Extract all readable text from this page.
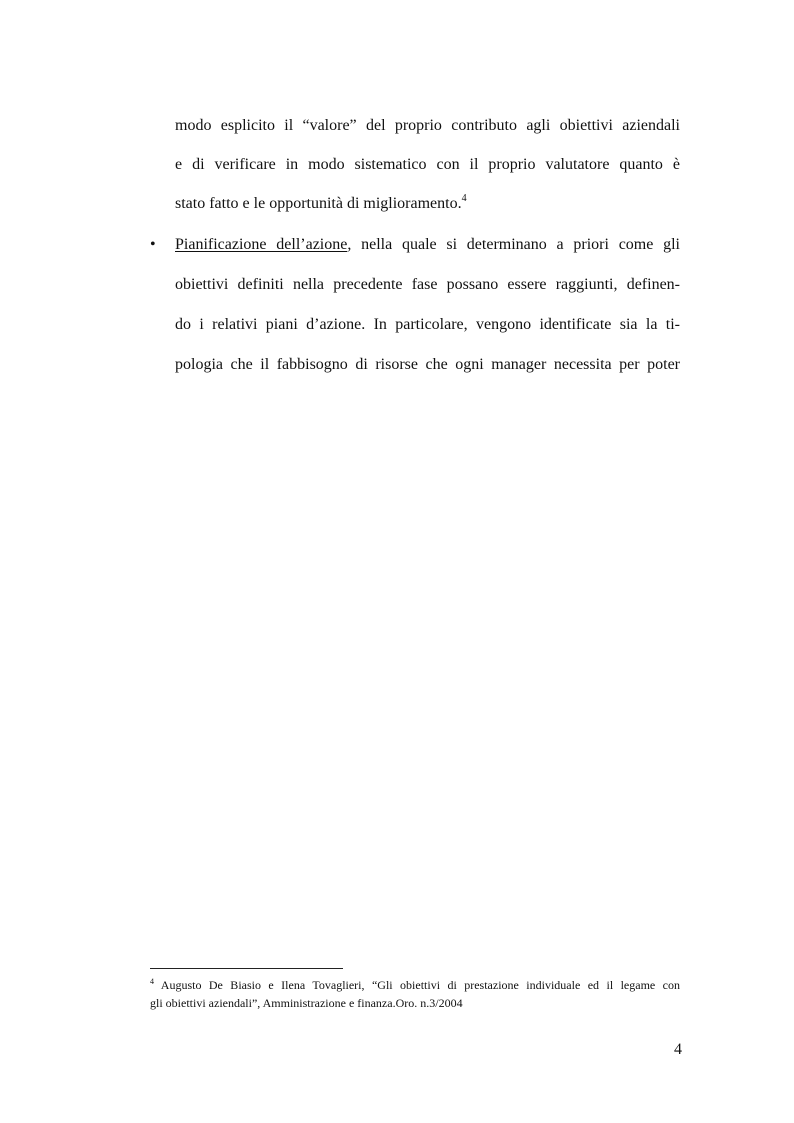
modo esplicito il “valore” del proprio contributo agli obiettivi aziendali
e di verificare in modo sistematico con il proprio valutatore quanto è
stato fatto e le opportunità di miglioramento.$^4$
• Pianificazione dell’azione, nella quale si determinano a priori come gli
obiettivi definiti nella precedente fase possano essere raggiunti, definen-
do i relativi piani d’azione. In particolare, vengono identificate sia la ti-
pologia che il fabbisogno di risorse che ogni manager necessita per poter
$^4$ Augusto De Biasio e Ilena Tovaglieri, “Gli obiettivi di prestazione individuale ed il legame con
gli obiettivi aziendali”, Amministrazione e finanza.Oro. n.3/2004
4
